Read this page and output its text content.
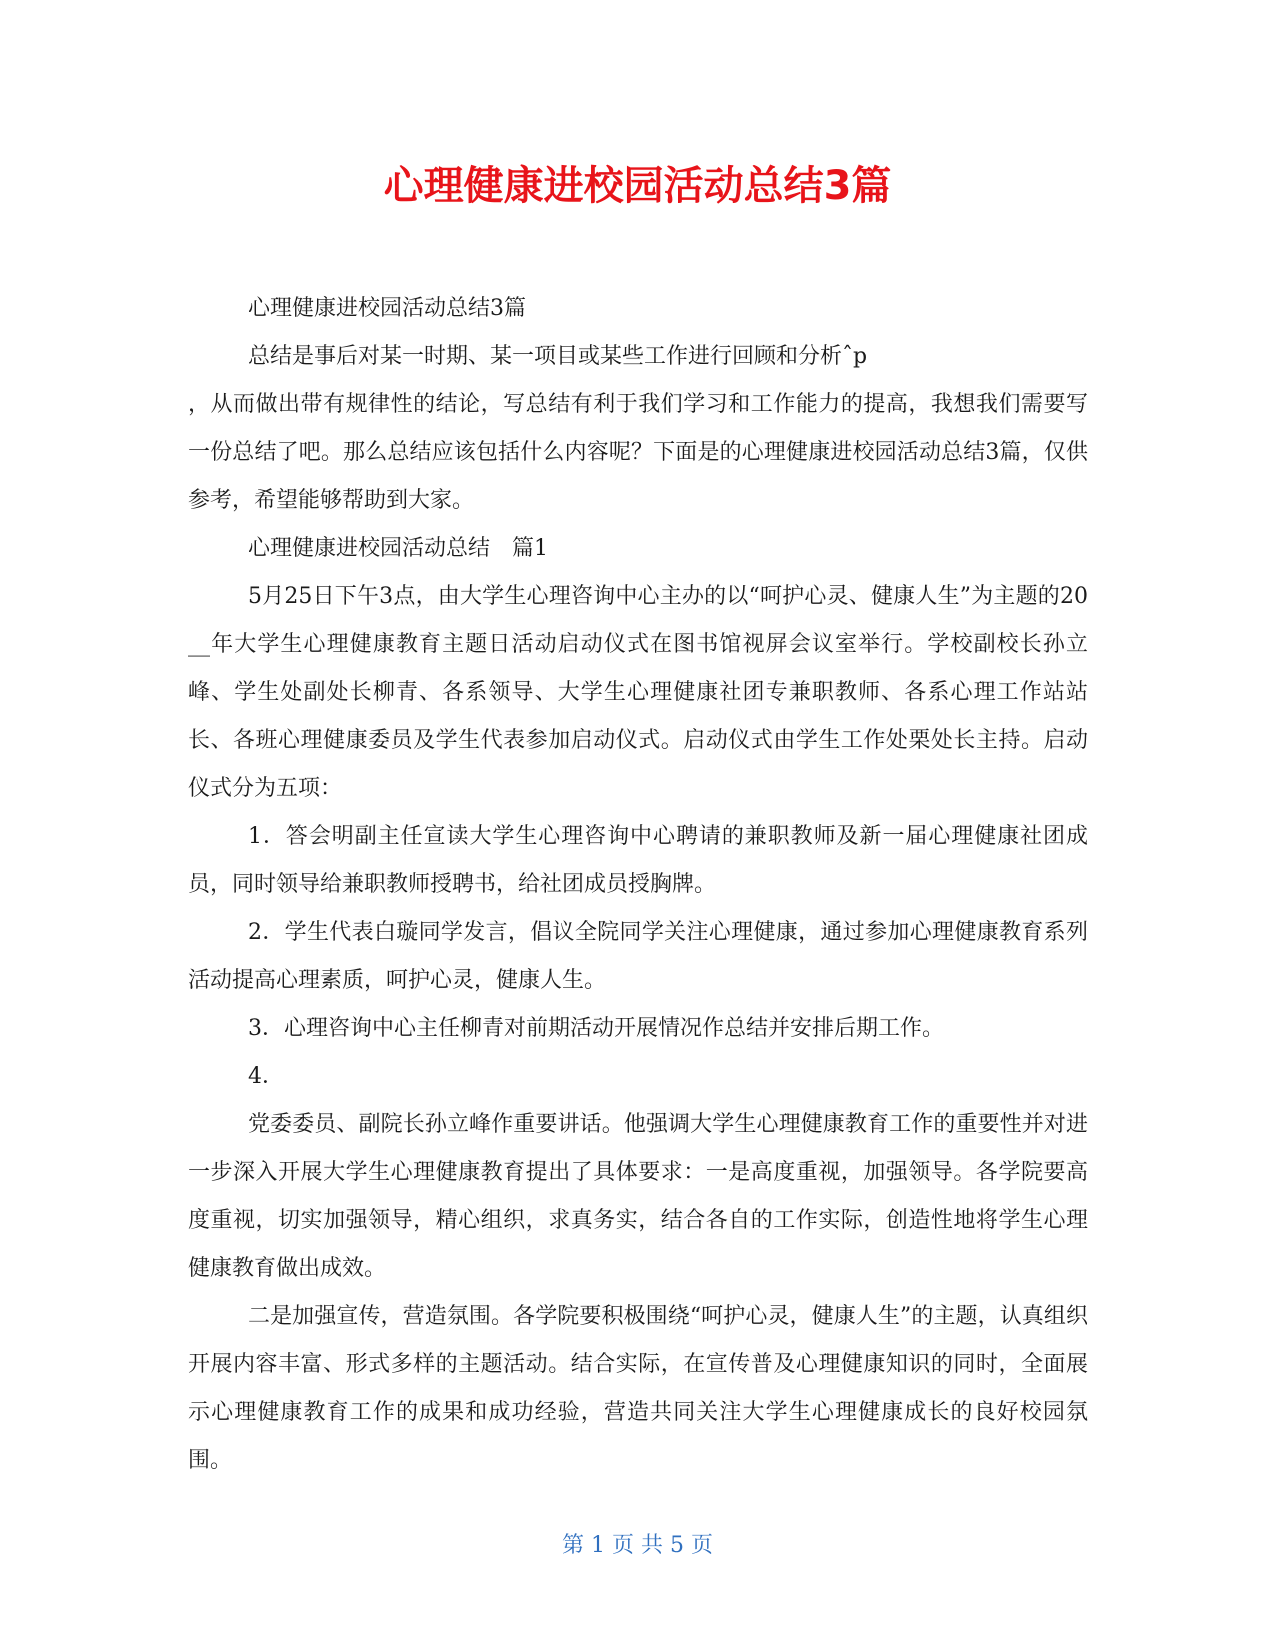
心理健康进校园活动总结3篇

心理健康进校园活动总结3篇

总结是事后对某一时期、某一项目或某些工作进行回顾和分析ˆp

，从而做出带有规律性的结论，写总结有利于我们学习和工作能力的提高，我想我们需要写一份总结了吧。那么总结应该包括什么内容呢？下面是的心理健康进校园活动总结3篇，仅供参考，希望能够帮助到大家。

心理健康进校园活动总结　篇1

5月25日下午3点，由大学生心理咨询中心主办的以“呵护心灵、健康人生”为主题的20__年大学生心理健康教育主题日活动启动仪式在图书馆视屏会议室举行。学校副校长孙立峰、学生处副处长柳青、各系领导、大学生心理健康社团专兼职教师、各系心理工作站站长、各班心理健康委员及学生代表参加启动仪式。启动仪式由学生工作处栗处长主持。启动仪式分为五项：

1．答会明副主任宣读大学生心理咨询中心聘请的兼职教师及新一届心理健康社团成员，同时领导给兼职教师授聘书，给社团成员授胸牌。

2．学生代表白璇同学发言，倡议全院同学关注心理健康，通过参加心理健康教育系列活动提高心理素质，呵护心灵，健康人生。

3．心理咨询中心主任柳青对前期活动开展情况作总结并安排后期工作。

4．

党委委员、副院长孙立峰作重要讲话。他强调大学生心理健康教育工作的重要性并对进一步深入开展大学生心理健康教育提出了具体要求：一是高度重视，加强领导。各学院要高度重视，切实加强领导，精心组织，求真务实，结合各自的工作实际，创造性地将学生心理健康教育做出成效。

二是加强宣传，营造氛围。各学院要积极围绕“呵护心灵，健康人生”的主题，认真组织开展内容丰富、形式多样的主题活动。结合实际，在宣传普及心理健康知识的同时，全面展示心理健康教育工作的成果和成功经验，营造共同关注大学生心理健康成长的良好校园氛围。

第 1 页 共 5 页
